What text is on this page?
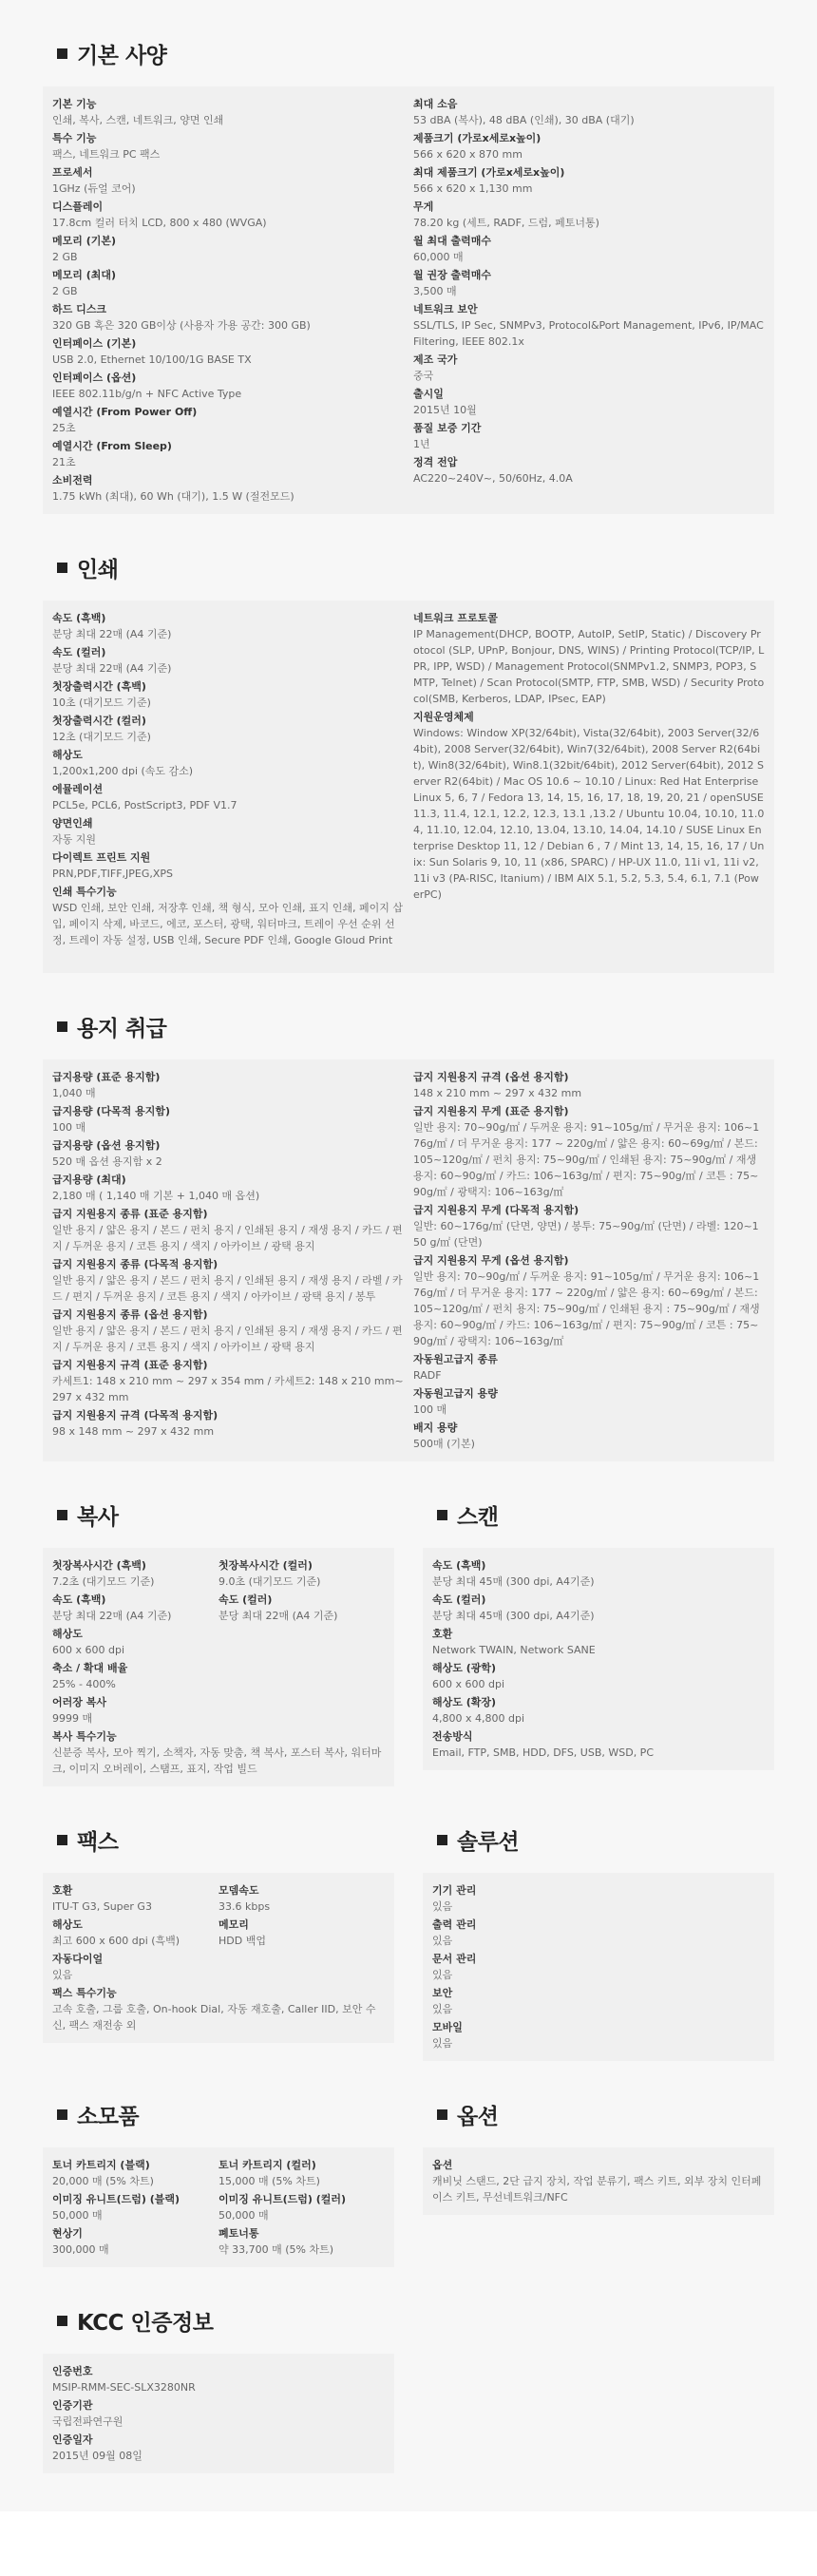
기본 사양
기본 기능
인쇄, 복사, 스캔, 네트워크, 양면 인쇄
특수 기능
팩스, 네트워크 PC 팩스
프로세서
1GHz (듀얼 코어)
디스플레이
17.8cm 컬러 터치 LCD, 800 x 480 (WVGA)
메모리 (기본)
2 GB
메모리 (최대)
2 GB
하드 디스크
320 GB 혹은 320 GB이상 (사용자 가용 공간: 300 GB)
인터페이스 (기본)
USB 2.0, Ethernet 10/100/1G BASE TX
인터페이스 (옵션)
IEEE 802.11b/g/n + NFC Active Type
예열시간 (From Power Off)
25초
예열시간 (From Sleep)
21초
소비전력
1.75 kWh (최대), 60 Wh (대기), 1.5 W (절전모드)
최대 소음
53 dBA (복사), 48 dBA (인쇄), 30 dBA (대기)
제품크기 (가로x세로x높이)
566 x 620 x 870 mm
최대 제품크기 (가로x세로x높이)
566 x 620 x 1,130 mm
무게
78.20 kg (세트, RADF, 드럼, 페토너통)
월 최대 출력매수
60,000 매
월 권장 출력매수
3,500 매
네트워크 보안
SSL/TLS, IP Sec, SNMPv3, Protocol&Port Management, IPv6, IP/MAC Filtering, IEEE 802.1x
제조 국가
중국
출시일
2015년 10월
품질 보증 기간
1년
정격 전압
AC220~240V~, 50/60Hz, 4.0A
인쇄
속도 (흑백)
분당 최대 22매 (A4 기준)
속도 (컬러)
분당 최대 22매 (A4 기준)
첫장출력시간 (흑백)
10초 (대기모드 기준)
첫장출력시간 (컬러)
12초 (대기모드 기준)
해상도
1,200x1,200 dpi (속도 감소)
에뮬레이션
PCL5e, PCL6, PostScript3, PDF V1.7
양면인쇄
자동 지원
다이렉트 프린트 지원
PRN,PDF,TIFF,JPEG,XPS
인쇄 특수기능
WSD 인쇄, 보안 인쇄, 저장후 인쇄, 책 형식, 모아 인쇄, 표지 인쇄, 페이지 삽입, 페이지 삭제, 바코드, 에코, 포스터, 광택, 워터마크, 트레이 우선 순위 선정, 트레이 자동 설정, USB 인쇄, Secure PDF 인쇄, Google Gloud Print
네트워크 프로토콜
IP Management(DHCP, BOOTP, AutoIP, SetIP, Static) / Discovery Protocol (SLP, UPnP, Bonjour, DNS, WINS) / Printing Protocol(TCP/IP, LPR, IPP, WSD) / Management Protocol(SNMPv1.2, SNMP3, POP3, SMTP, Telnet) / Scan Protocol(SMTP, FTP, SMB, WSD) / Security Protocol(SMB, Kerberos, LDAP, IPsec, EAP)
지원운영체제
Windows: Window XP(32/64bit), Vista(32/64bit), 2003 Server(32/64bit), 2008 Server(32/64bit), Win7(32/64bit), 2008 Server R2(64bit), Win8(32/64bit), Win8.1(32bit/64bit), 2012 Server(64bit), 2012 Server R2(64bit) / Mac OS 10.6 ~ 10.10 / Linux: Red Hat Enterprise Linux 5, 6, 7 / Fedora 13, 14, 15, 16, 17, 18, 19, 20, 21 / openSUSE 11.3, 11.4, 12.1, 12.2, 12.3, 13.1 ,13.2 / Ubuntu 10.04, 10.10, 11.04, 11.10, 12.04, 12.10, 13.04, 13.10, 14.04, 14.10 / SUSE Linux Enterprise Desktop 11, 12 / Debian 6 , 7 / Mint 13, 14, 15, 16, 17 / Unix: Sun Solaris 9, 10, 11 (x86, SPARC) / HP-UX 11.0, 11i v1, 11i v2, 11i v3 (PA-RISC, Itanium) / IBM AIX 5.1, 5.2, 5.3, 5.4, 6.1, 7.1 (PowerPC)
용지 취급
급지용량 (표준 용지함)
1,040 매
급지용량 (다목적 용지함)
100 매
급지용량 (옵션 용지함)
520 매 옵션 용지함 x 2
급지용량 (최대)
2,180 매 ( 1,140 매 기본 + 1,040 매 옵션)
급지 지원용지 종류 (표준 용지함)
일반 용지 / 얇은 용지 / 본드 / 펀치 용지 / 인쇄된 용지 / 재생 용지 / 카드 / 편지 / 두꺼운 용지 / 코튼 용지 / 색지 / 아카이브 / 광택 용지
급지 지원용지 종류 (다목적 용지함)
일반 용지 / 얇은 용지 / 본드 / 펀치 용지 / 인쇄된 용지 / 재생 용지 / 라벨 / 카드 / 편지 / 두꺼운 용지 / 코튼 용지 / 색지 / 아카이브 / 광택 용지 / 봉투
급지 지원용지 종류 (옵션 용지함)
일반 용지 / 얇은 용지 / 본드 / 펀치 용지 / 인쇄된 용지 / 재생 용지 / 카드 / 편지 / 두꺼운 용지 / 코튼 용지 / 색지 / 아카이브 / 광택 용지
급지 지원용지 규격 (표준 용지함)
카세트1: 148 x 210 mm ~ 297 x 354 mm / 카세트2: 148 x 210 mm~ 297 x 432 mm
급지 지원용지 규격 (다목적 용지함)
98 x 148 mm ~ 297 x 432 mm
급지 지원용지 규격 (옵션 용지함)
148 x 210 mm ~ 297 x 432 mm
급지 지원용지 무게 (표준 용지함)
일반 용지: 70~90g/㎡ / 두꺼운 용지: 91~105g/㎡ / 무거운 용지: 106~176g/㎡ / 더 무거운 용지: 177 ~ 220g/㎡ / 얇은 용지: 60~69g/㎡ / 본드: 105~120g/㎡ / 펀치 용지: 75~90g/㎡ / 인쇄된 용지: 75~90g/㎡ / 재생 용지: 60~90g/㎡ / 카드: 106~163g/㎡ / 편지: 75~90g/㎡ / 코튼 : 75~90g/㎡ / 광택지: 106~163g/㎡
급지 지원용지 무게 (다목적 용지함)
일반: 60~176g/㎡ (단면, 양면) / 봉투: 75~90g/㎡ (단면) / 라벨: 120~150 g/㎡ (단면)
급지 지원용지 무게 (옵션 용지함)
일반 용지: 70~90g/㎡ / 두꺼운 용지: 91~105g/㎡ / 무거운 용지: 106~176g/㎡ / 더 무거운 용지: 177 ~ 220g/㎡ / 얇은 용지: 60~69g/㎡ / 본드: 105~120g/㎡ / 펀치 용지: 75~90g/㎡ / 인쇄된 용지 : 75~90g/㎡ / 재생 용지: 60~90g/㎡ / 카드: 106~163g/㎡ / 편지: 75~90g/㎡ / 코튼 : 75~90g/㎡ / 광택지: 106~163g/㎡
자동원고급지 종류
RADF
자동원고급지 용량
100 매
배지 용량
500매 (기본)
복사
첫장복사시간 (흑백)
7.2초 (대기모드 기준)
첫장복사시간 (컬러)
9.0초 (대기모드 기준)
속도 (흑백)
분당 최대 22매 (A4 기준)
속도 (컬러)
분당 최대 22매 (A4 기준)
해상도
600 x 600 dpi
축소 / 확대 배율
25% - 400%
어러장 복사
9999 매
복사 특수기능
신분증 복사, 모아 찍기, 소책자, 자동 맞춤, 책 복사, 포스터 복사, 워터마크, 이미지 오버레이, 스탬프, 표지, 작업 빌드
스캔
속도 (흑백)
분당 최대 45매 (300 dpi, A4기준)
속도 (컬러)
분당 최대 45매 (300 dpi, A4기준)
호환
Network TWAIN, Network SANE
해상도 (광학)
600 x 600 dpi
해상도 (확장)
4,800 x 4,800 dpi
전송방식
Email, FTP, SMB, HDD, DFS, USB, WSD, PC
팩스
호환
ITU-T G3, Super G3
모뎀속도
33.6 kbps
해상도
최고 600 x 600 dpi (흑백)
메모리
HDD 백업
자동다이얼
있음
팩스 특수기능
고속 호출, 그룹 호출, On-hook Dial, 자동 재호출, Caller IID, 보안 수신, 팩스 재전송 외
솔루션
기기 관리
있음
출력 관리
있음
문서 관리
있음
보안
있음
모바일
있음
소모품
토너 카트리지 (블랙)
20,000 매 (5% 차트)
토너 카트리지 (컬러)
15,000 매 (5% 차트)
이미징 유니트(드럼) (블랙)
50,000 매
이미징 유니트(드럼) (컬러)
50,000 매
현상기
300,000 매
폐토너통
약 33,700 매 (5% 차트)
옵션
옵션
캐비닛 스탠드, 2단 급지 장치, 작업 분류기, 팩스 키트, 외부 장치 인터페이스 키트, 무선네트워크/NFC
KCC 인증정보
인증번호
MSIP-RMM-SEC-SLX3280NR
인증기관
국립전파연구원
인증일자
2015년 09월 08일
